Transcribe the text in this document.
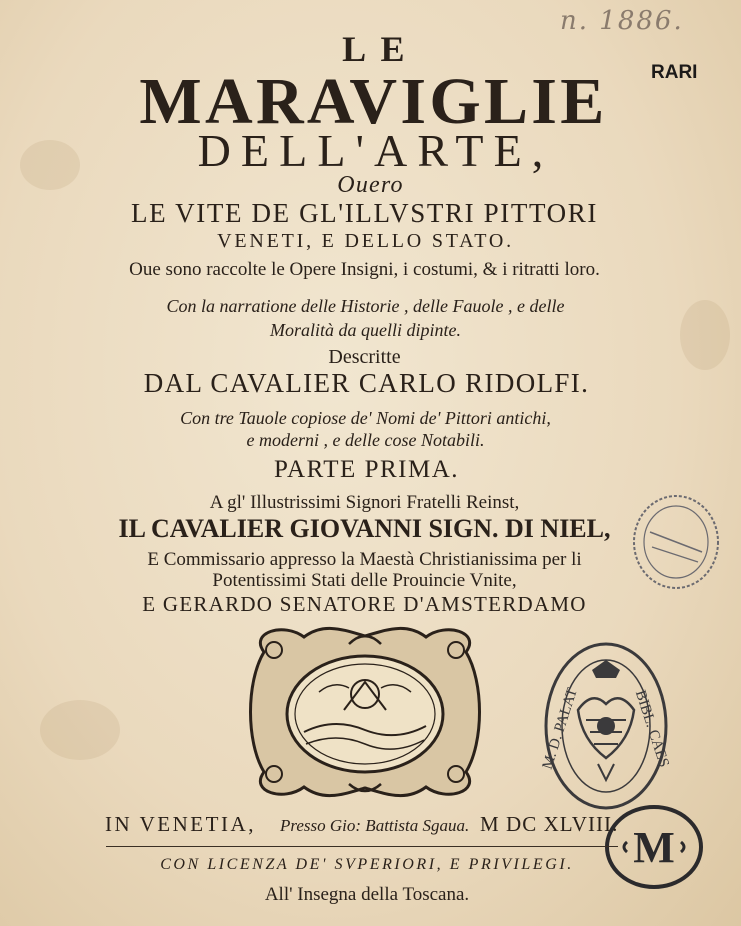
n. 1886.
RARI
LE
MARAVIGLIE
DELL'ARTE,
Ouero
LE VITE DE GL'ILLVSTRI PITTORI
VENETI, E DELLO STATO.
Oue sono raccolte le Opere Insigni, i costumi, & i ritratti loro.
Con la narratione delle Historie , delle Fauole , e delle
Moralità da quelli dipinte.
Descritte
DAL CAVALIER CARLO RIDOLFI.
Con tre Tauole copiose de' Nomi de' Pittori antichi,
e moderni , e delle cose Notabili.
PARTE PRIMA.
A gl' Illustrissimi Signori Fratelli Reinst,
IL CAVALIER GIOVANNI SIGN. DI NIEL,
E Commissario appresso la Maestà Christianissima per li
Potentissimi Stati delle Prouincie Vnite,
E GERARDO SENATORE D'AMSTERDAMO
M. D. PALAT	BIBL. CAES
M
IN VENETIA, Presso Gio: Battista Sgaua. M DC XLVIII.
CON LICENZA DE' SVPERIORI, E PRIVILEGI.
All' Insegna della Toscana.
